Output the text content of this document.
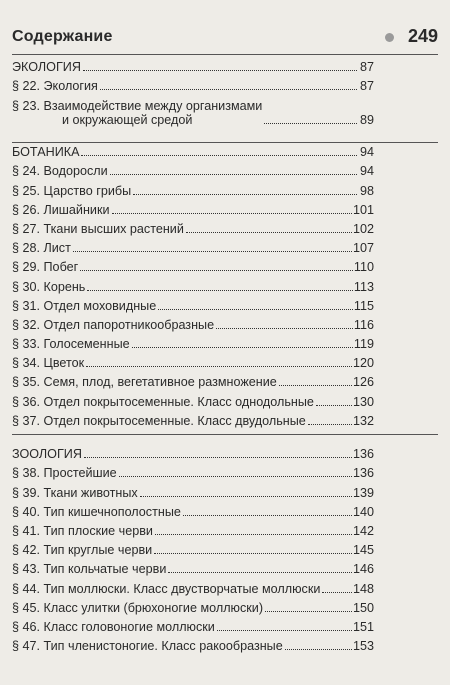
Содержание	249
ЭКОЛОГИЯ	87
§ 22. Экология	87
§ 23. Взаимодействие между организмами
и окружающей средой	89
БОТАНИКА	94
§ 24. Водоросли	94
§ 25. Царство грибы	98
§ 26. Лишайники	101
§ 27. Ткани высших растений	102
§ 28. Лист	107
§ 29. Побег	110
§ 30. Корень	113
§ 31. Отдел моховидные	115
§ 32. Отдел папоротникообразные	116
§ 33. Голосеменные	119
§ 34. Цветок	120
§ 35. Семя, плод, вегетативное размножение	126
§ 36. Отдел покрытосеменные. Класс однодольные	130
§ 37. Отдел покрытосеменные. Класс двудольные	132
ЗООЛОГИЯ	136
§ 38. Простейшие	136
§ 39. Ткани животных	139
§ 40. Тип кишечнополостные	140
§ 41. Тип плоские черви	142
§ 42. Тип круглые черви	145
§ 43. Тип кольчатые черви	146
§ 44. Тип моллюски. Класс двустворчатые моллюски	148
§ 45. Класс улитки (брюхоногие моллюски)	150
§ 46. Класс головоногие моллюски	151
§ 47. Тип членистоногие. Класс ракообразные	153
